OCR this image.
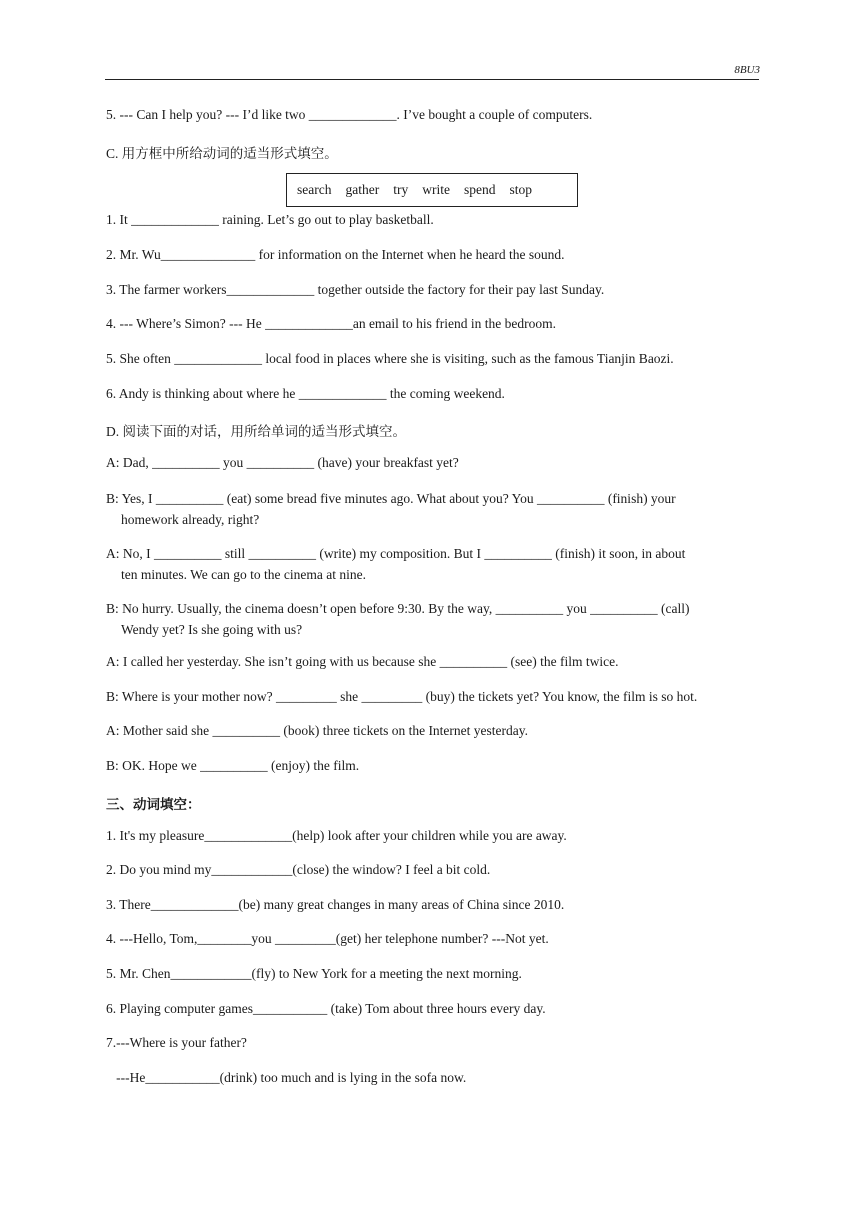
8BU3
5. --- Can I help you? --- I’d like two _____________. I’ve bought a couple of computers.
C. 用方框中所给动词的适当形式填空。
search gather try write spend stop
1. It _____________ raining. Let’s go out to play basketball.
2. Mr. Wu______________ for information on the Internet when he heard the sound.
3. The farmer workers_____________ together outside the factory for their pay last Sunday.
4. --- Where’s Simon? --- He _____________an email to his friend in the bedroom.
5. She often _____________ local food in places where she is visiting, such as the famous Tianjin Baozi.
6. Andy is thinking about where he _____________ the coming weekend.
D. 阅读下面的对话，用所给单词的适当形式填空。
A: Dad, __________ you __________ (have) your breakfast yet?
B: Yes, I __________ (eat) some bread five minutes ago. What about you? You __________ (finish) your
homework already, right?
A: No, I __________ still __________ (write) my composition. But I __________ (finish) it soon, in about
ten minutes. We can go to the cinema at nine.
B: No hurry. Usually, the cinema doesn’t open before 9:30. By the way, __________ you __________ (call)
Wendy yet? Is she going with us?
A: I called her yesterday. She isn’t going with us because she __________ (see) the film twice.
B: Where is your mother now? _________ she _________ (buy) the tickets yet? You know, the film is so hot.
A: Mother said she __________ (book) three tickets on the Internet yesterday.
B: OK. Hope we __________ (enjoy) the film.
三、动词填空：
1. It's my pleasure_____________(help) look after your children while you are away.
2. Do you mind my____________(close) the window? I feel a bit cold.
3. There_____________(be) many great changes in many areas of China since 2010.
4. ---Hello, Tom,________you _________(get) her telephone number? ---Not yet.
5. Mr. Chen____________(fly) to New York for a meeting the next morning.
6. Playing computer games___________ (take) Tom about three hours every day.
7.---Where is your father?
---He___________(drink) too much and is lying in the sofa now.
